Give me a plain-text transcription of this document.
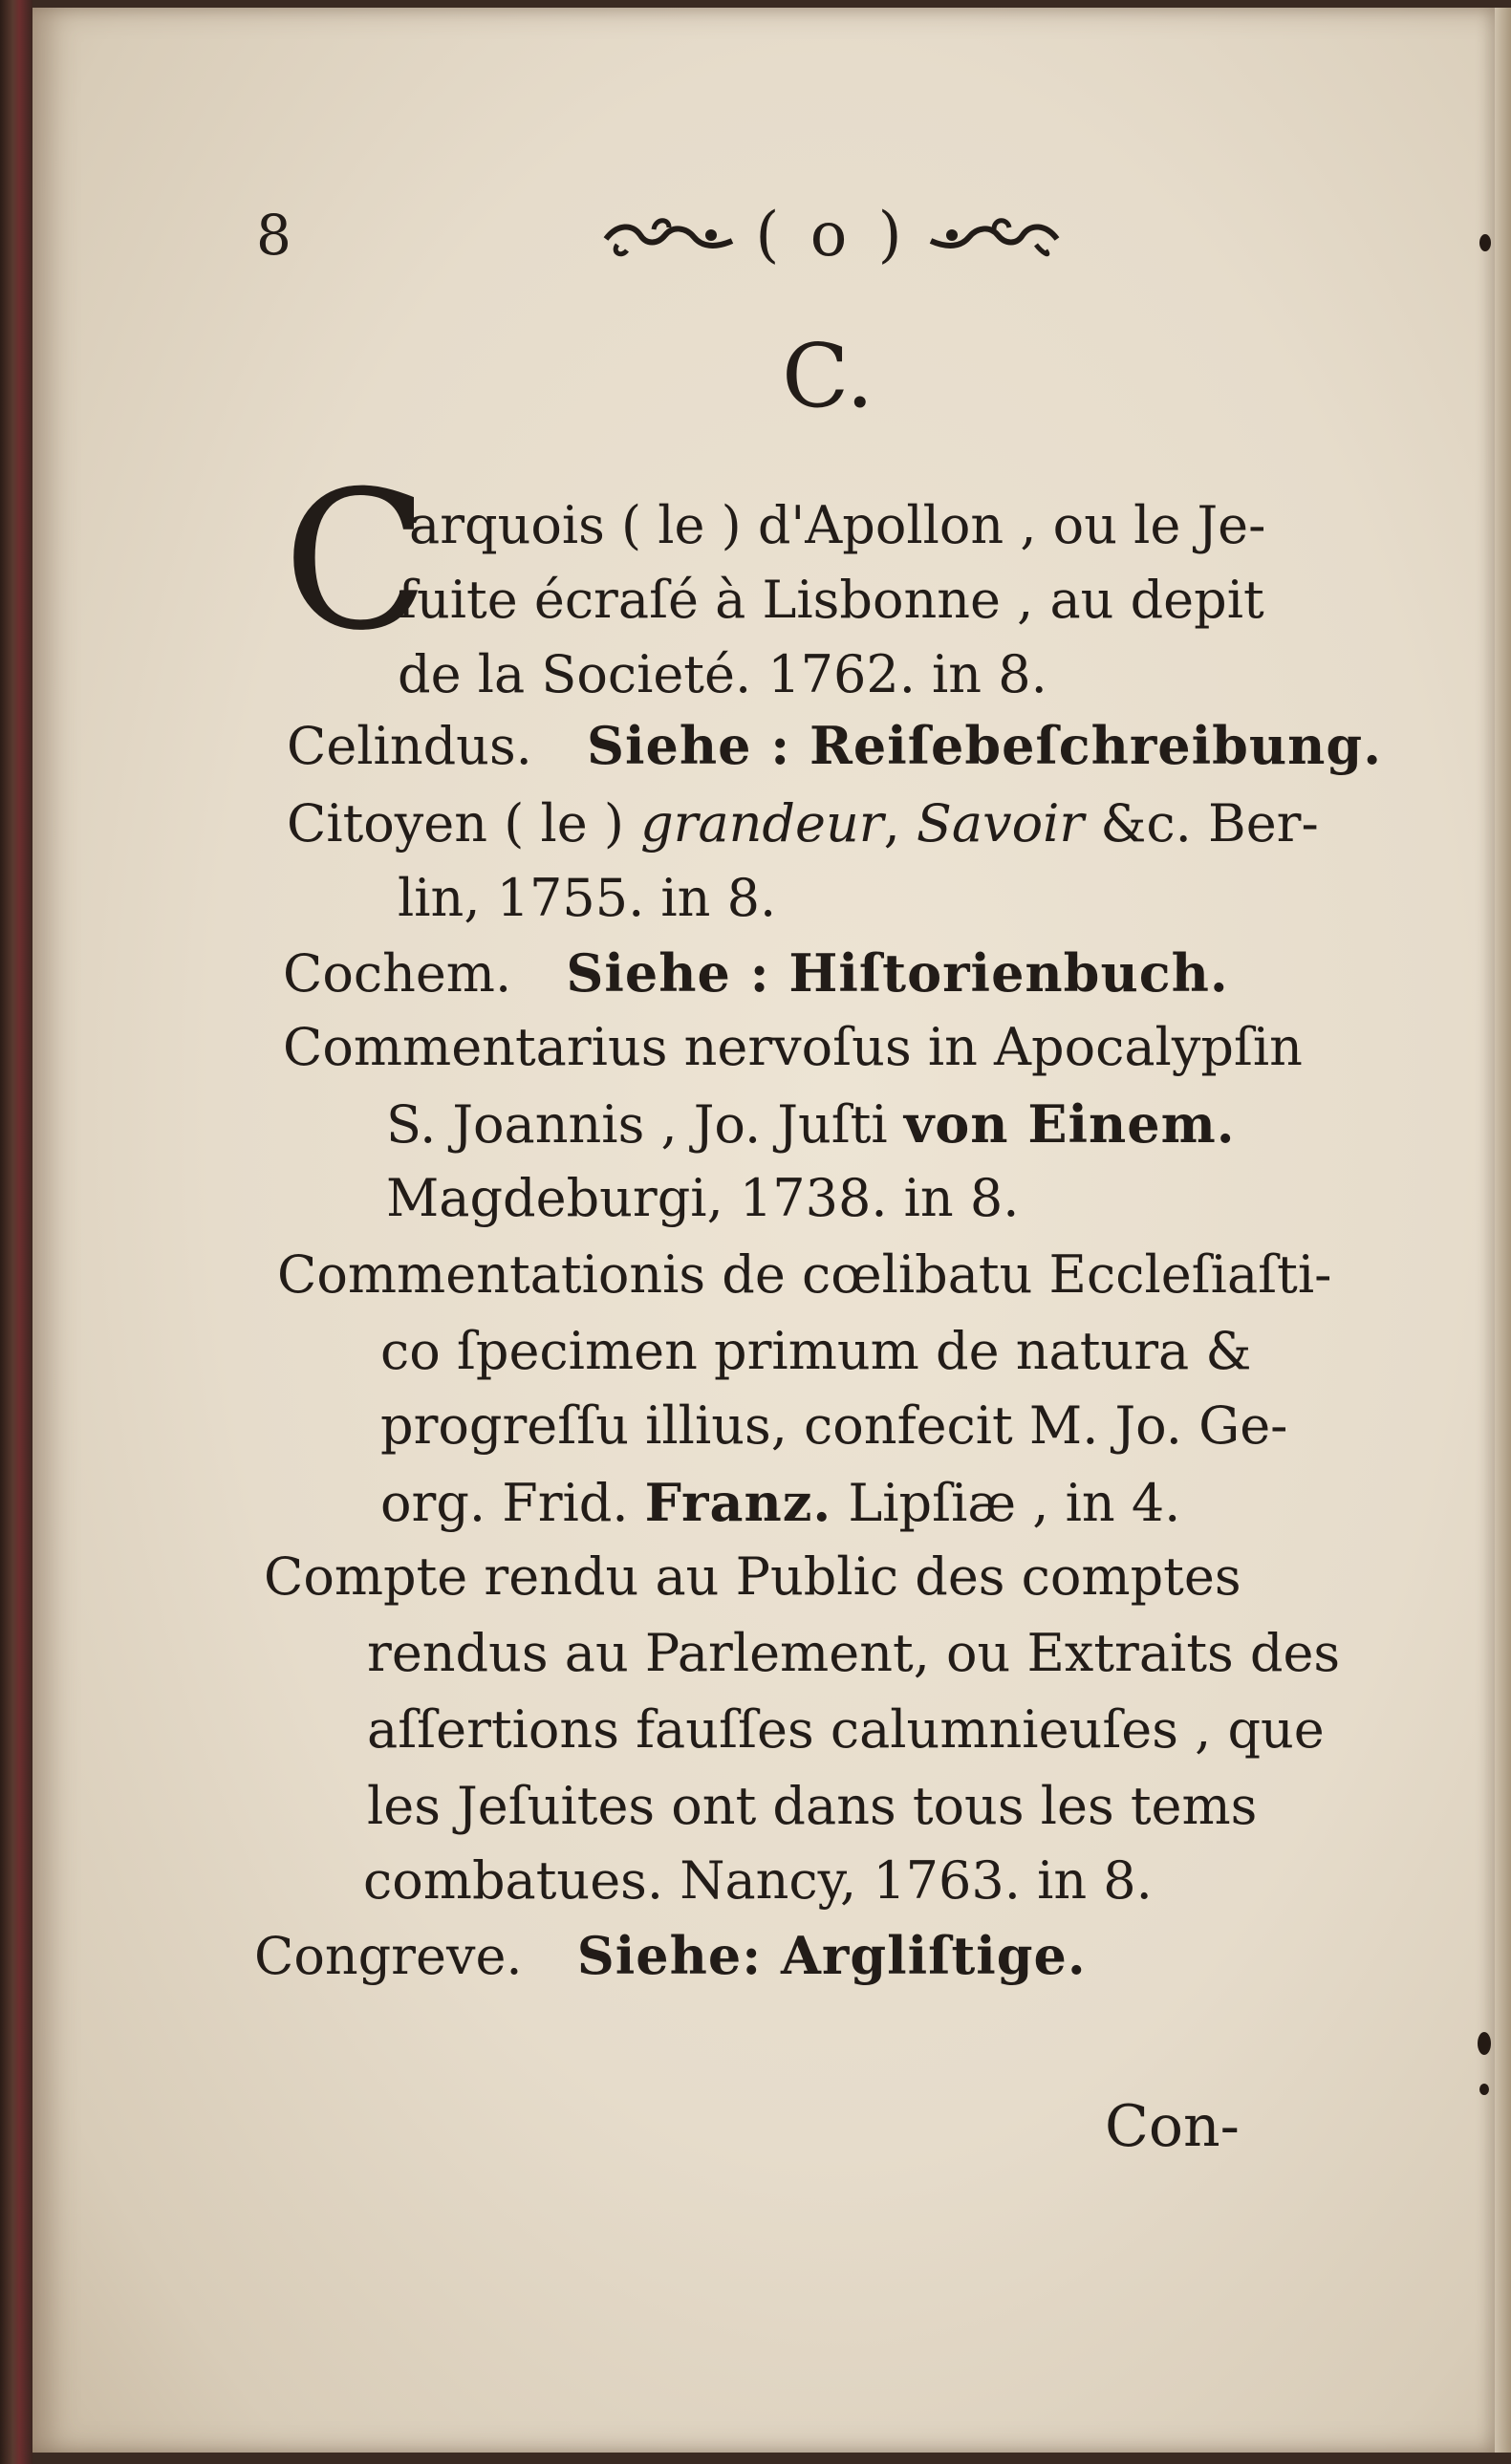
8	( o )
C.
C
arquois ( le ) d'Apollon , ou le Je-
ſuite écraſé à Lisbonne , au depit
de la Societé. 1762. in 8.
Celindus. Siehe : Reiſebeſchreibung.
Citoyen ( le ) grandeur, Savoir &c. Ber-
lin, 1755. in 8.
Cochem. Siehe : Hiſtorienbuch.
Commentarius nervoſus in Apocalypſin
S. Joannis , Jo. Juſti von Einem.
Magdeburgi, 1738. in 8.
Commentationis de cœlibatu Eccleſiaſti-
co ſpecimen primum de natura &
progreſſu illius, confecit M. Jo. Ge-
org. Frid. Franz. Lipſiæ , in 4.
Compte rendu au Public des comptes
rendus au Parlement, ou Extraits des
aſſertions fauſſes calumnieuſes , que
les Jeſuites ont dans tous les tems
combatues. Nancy, 1763. in 8.
Congreve. Siehe: Argliſtige.
Con-
